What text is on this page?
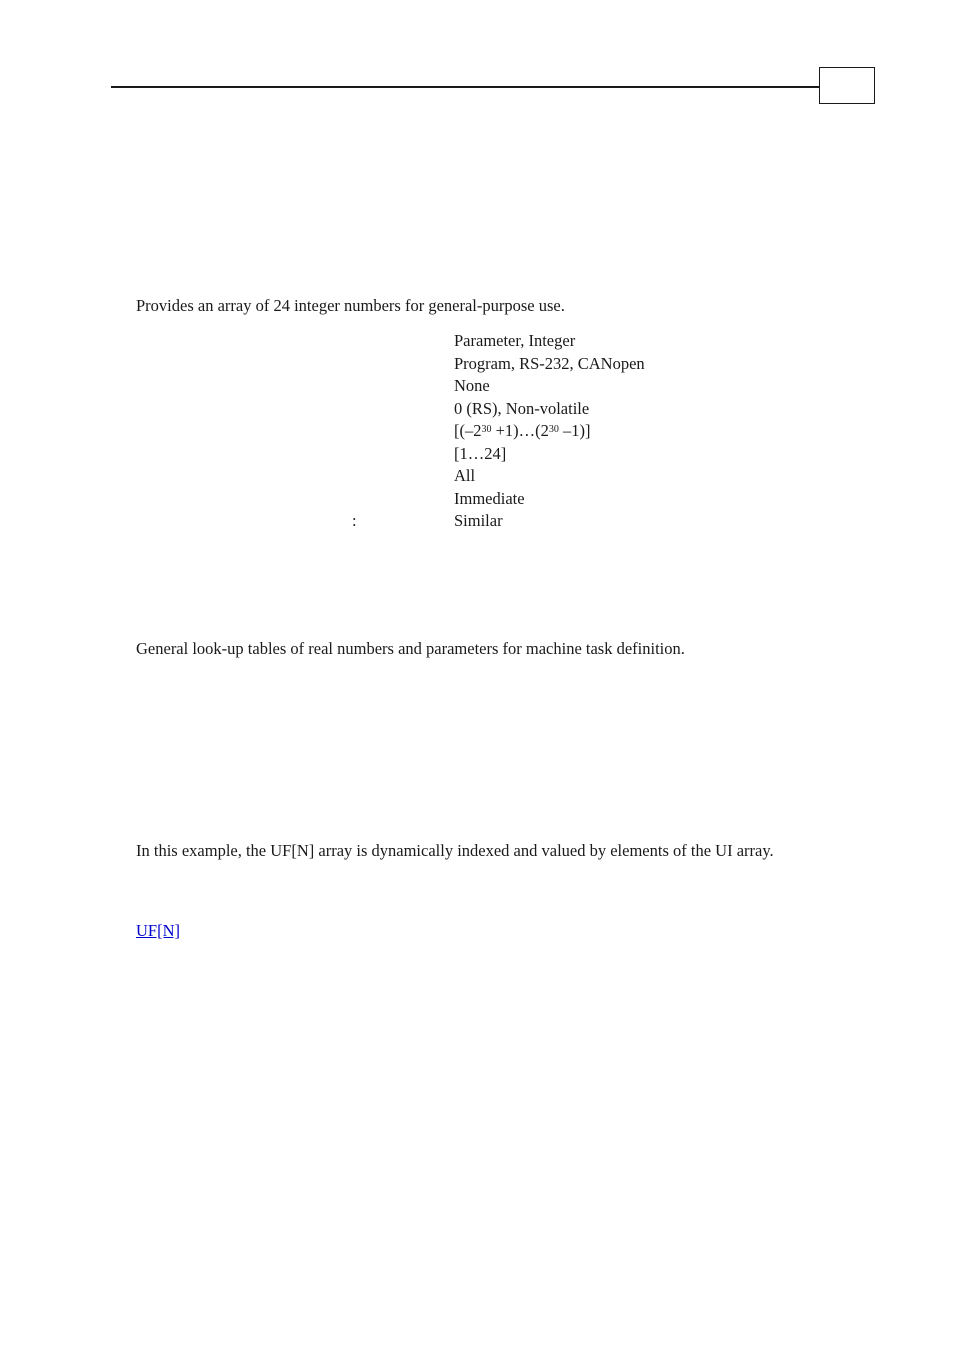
Provides an array of 24 integer numbers for general-purpose use.

Parameter, Integer
Program, RS-232, CANopen
None
0 (RS), Non-volatile
[($-2^{30}$ $+1)\dots(2^{30}$ –1)]
[1…24]
All
Immediate
Similar
:

General look-up tables of real numbers and parameters for machine task definition.

In this example, the UF[N] array is dynamically indexed and valued by elements of the UI array.

UF[N]
